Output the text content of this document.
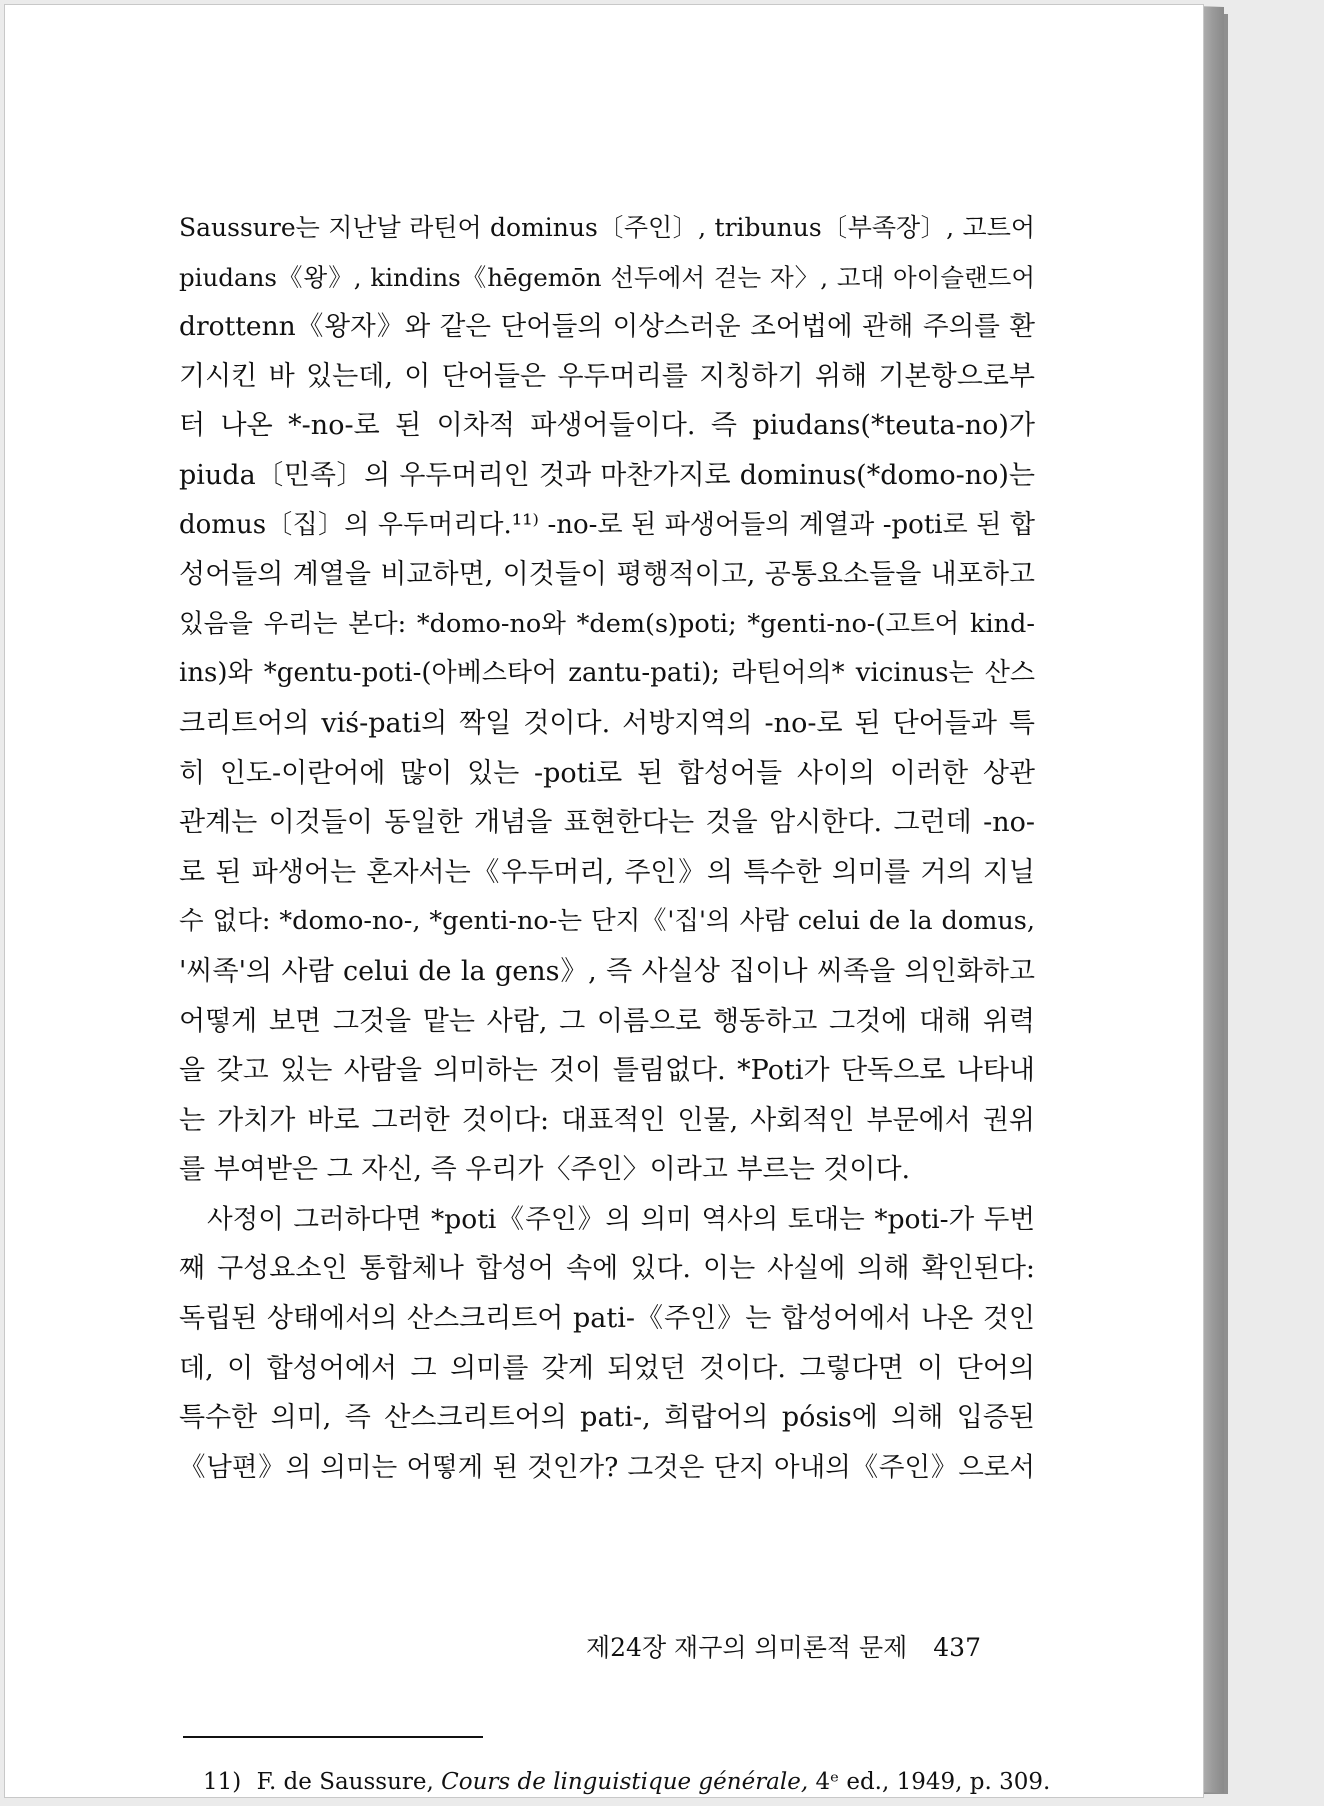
Saussure는 지난날 라틴어 dominus〔주인〕, tribunus〔부족장〕, 고트어
piudans《왕》, kindins《hēgemōn 선두에서 걷는 자〉, 고대 아이슬랜드어
drottenn《왕자》와 같은 단어들의 이상스러운 조어법에 관해 주의를 환
기시킨 바 있는데, 이 단어들은 우두머리를 지칭하기 위해 기본항으로부
터 나온 *-no-로 된 이차적 파생어들이다. 즉 piudans(*teuta-no)가
piuda〔민족〕의 우두머리인 것과 마찬가지로 dominus(*domo-no)는
domus〔집〕의 우두머리다.¹¹⁾ -no-로 된 파생어들의 계열과 -poti로 된 합
성어들의 계열을 비교하면, 이것들이 평행적이고, 공통요소들을 내포하고
있음을 우리는 본다: *domo-no와 *dem(s)poti; *genti-no-(고트어 kind-
ins)와 *gentu-poti-(아베스타어 zantu-pati); 라틴어의* vicinus는 산스
크리트어의 viś-pati의 짝일 것이다. 서방지역의 -no-로 된 단어들과 특
히 인도-이란어에 많이 있는 -poti로 된 합성어들 사이의 이러한 상관
관계는 이것들이 동일한 개념을 표현한다는 것을 암시한다. 그런데 -no-
로 된 파생어는 혼자서는《우두머리, 주인》의 특수한 의미를 거의 지닐
수 없다: *domo-no-, *genti-no-는 단지《'집'의 사람 celui de la domus,
'씨족'의 사람 celui de la gens》, 즉 사실상 집이나 씨족을 의인화하고
어떻게 보면 그것을 맡는 사람, 그 이름으로 행동하고 그것에 대해 위력
을 갖고 있는 사람을 의미하는 것이 틀림없다. *Poti가 단독으로 나타내
는 가치가 바로 그러한 것이다: 대표적인 인물, 사회적인 부문에서 권위
를 부여받은 그 자신, 즉 우리가〈주인〉이라고 부르는 것이다.
사정이 그러하다면 *poti《주인》의 의미 역사의 토대는 *poti-가 두번
째 구성요소인 통합체나 합성어 속에 있다. 이는 사실에 의해 확인된다:
독립된 상태에서의 산스크리트어 pati-《주인》는 합성어에서 나온 것인
데, 이 합성어에서 그 의미를 갖게 되었던 것이다. 그렇다면 이 단어의
특수한 의미, 즉 산스크리트어의 pati-, 희랍어의 pósis에 의해 입증된
《남편》의 의미는 어떻게 된 것인가? 그것은 단지 아내의《주인》으로서
11) F. de Saussure, Cours de linguistique générale, 4ᵉ ed., 1949, p. 309.
제24장 재구의 의미론적 문제 437
